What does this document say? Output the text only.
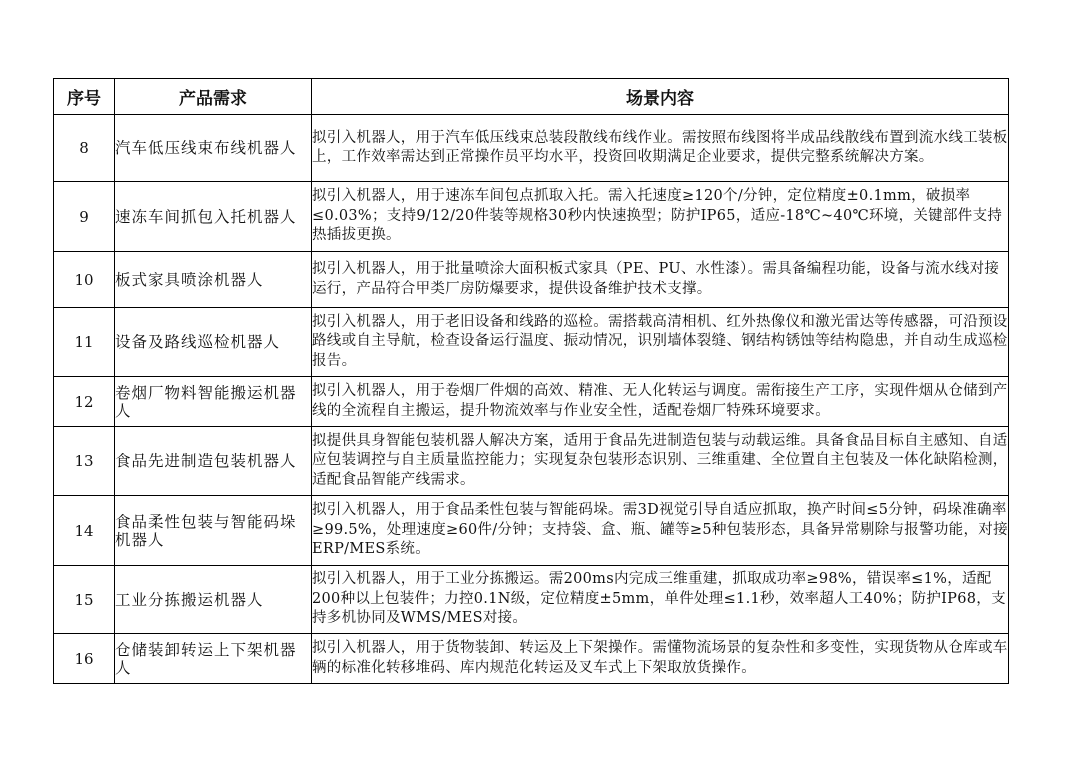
序号	产品需求	场景内容
8	汽车低压线束布线机器人	拟引入机器人，用于汽车低压线束总装段散线布线作业。需按照布线图将半成品线散线布置到流水线工装板上，工作效率需达到正常操作员平均水平，投资回收期满足企业要求，提供完整系统解决方案。
9	速冻车间抓包入托机器人	拟引入机器人，用于速冻车间包点抓取入托。需入托速度≥120个/分钟，定位精度±0.1mm，破损率≤0.03%；支持9/12/20件装等规格30秒内快速换型；防护IP65，适应-18℃~40℃环境，关键部件支持热插拔更换。
10	板式家具喷涂机器人	拟引入机器人，用于批量喷涂大面积板式家具（PE、PU、水性漆）。需具备编程功能，设备与流水线对接运行，产品符合甲类厂房防爆要求，提供设备维护技术支撑。
11	设备及路线巡检机器人	拟引入机器人，用于老旧设备和线路的巡检。需搭载高清相机、红外热像仪和激光雷达等传感器，可沿预设路线或自主导航，检查设备运行温度、振动情况，识别墙体裂缝、钢结构锈蚀等结构隐患，并自动生成巡检报告。
12	卷烟厂物料智能搬运机器人	拟引入机器人，用于卷烟厂件烟的高效、精准、无人化转运与调度。需衔接生产工序，实现件烟从仓储到产线的全流程自主搬运，提升物流效率与作业安全性，适配卷烟厂特殊环境要求。
13	食品先进制造包装机器人	拟提供具身智能包装机器人解决方案，适用于食品先进制造包装与动载运维。具备食品目标自主感知、自适应包装调控与自主质量监控能力；实现复杂包装形态识别、三维重建、全位置自主包装及一体化缺陷检测，适配食品智能产线需求。
14	食品柔性包装与智能码垛机器人	拟引入机器人，用于食品柔性包装与智能码垛。需3D视觉引导自适应抓取，换产时间≤5分钟，码垛准确率≥99.5%，处理速度≥60件/分钟；支持袋、盒、瓶、罐等≥5种包装形态，具备异常剔除与报警功能，对接ERP/MES系统。
15	工业分拣搬运机器人	拟引入机器人，用于工业分拣搬运。需200ms内完成三维重建，抓取成功率≥98%，错误率≤1%，适配200种以上包装件；力控0.1N级，定位精度±5mm，单件处理≤1.1秒，效率超人工40%；防护IP68，支持多机协同及WMS/MES对接。
16	仓储装卸转运上下架机器人	拟引入机器人，用于货物装卸、转运及上下架操作。需懂物流场景的复杂性和多变性，实现货物从仓库或车辆的标准化转移堆码、库内规范化转运及叉车式上下架取放货操作。
